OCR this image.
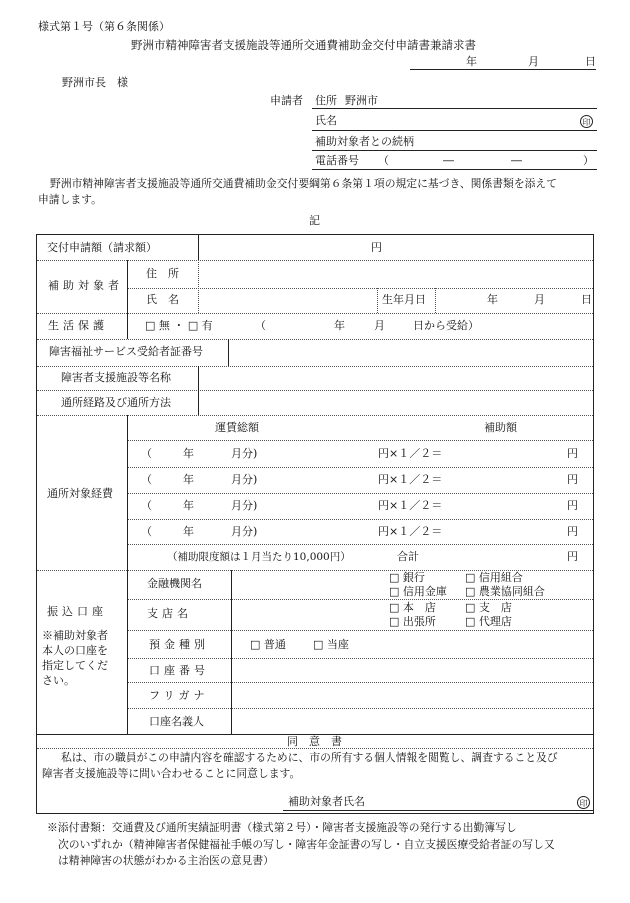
様式第１号（第６条関係）
野洲市精神障害者支援施設等通所交通費補助金交付申請書兼請求書
年	月	日
野洲市長　様
申請者 住所 野洲市
氏名	印
補助対象者との続柄
電話番号 （	―	―	）
野洲市精神障害者支援施設等通所交通費補助金交付要綱第６条第１項の規定に基づき、関係書類を添えて
申請します。
記
交付申請額（請求額）	円
補助対象者
住　所
氏　名	生年月日	年	月	日
生活保護	□ 無 ・ □ 有	（	年	月	日から受給）
障害福祉サービス受給者証番号
障害者支援施設等名称
通所経路及び通所方法
通所対象経費
運賃総額	補助額
（	年	月分)	円×１／２＝	円
（	年	月分)	円×１／２＝	円
（	年	月分)	円×１／２＝	円
（	年	月分)	円×１／２＝	円
（補助限度額は１月当たり10,000円）	合計	円
振込口座
※補助対象者
本人の口座を
指定してくだ
さい。
金融機関名	□ 銀行	□ 信用組合
□ 信用金庫 □ 農業協同組合
支店名	□ 本　店	□ 支　店
□ 出張所	□ 代理店
預金種別	□ 普通 □ 当座
口座番号
フリガナ
口座名義人
同　意　書
私は、市の職員がこの申請内容を確認するために、市の所有する個人情報を閲覧し、調査すること及び
障害者支援施設等に問い合わせることに同意します。
補助対象者氏名	印
※添付書類：交通費及び通所実績証明書（様式第２号）・障害者支援施設等の発行する出勤簿写し
次のいずれか（精神障害者保健福祉手帳の写し・障害年金証書の写し・自立支援医療受給者証の写し又
は精神障害の状態がわかる主治医の意見書）
